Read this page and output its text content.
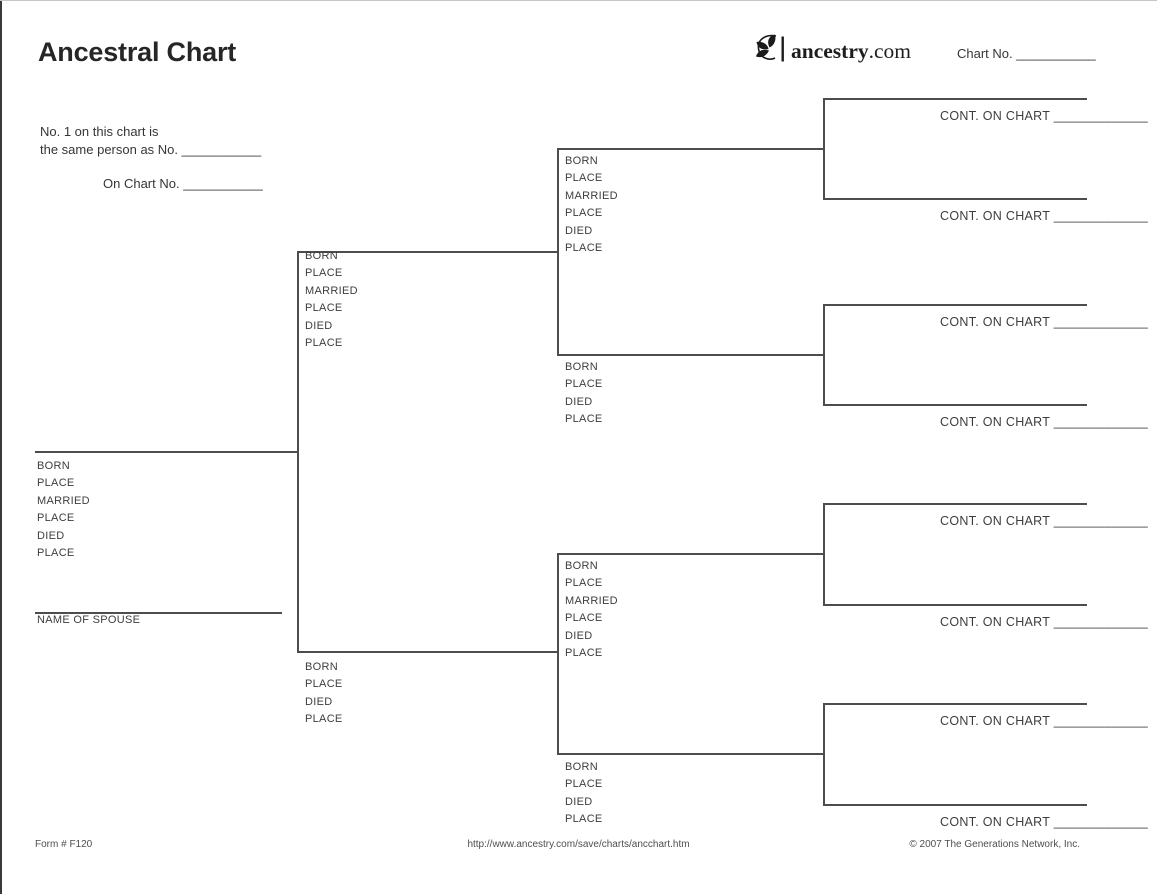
Ancestral Chart	ancestry.com	Chart No. ___________
No. 1 on this chart is
the same person as No. ___________
On Chart No. ___________
BORN
PLACE
MARRIED
PLACE
DIED
PLACE
NAME OF SPOUSE
BORN
PLACE
MARRIED
PLACE
DIED
PLACE
BORN
PLACE
DIED
PLACE
BORN
PLACE
MARRIED
PLACE
DIED
PLACE
BORN
PLACE
DIED
PLACE
BORN
PLACE
MARRIED
PLACE
DIED
PLACE
BORN
PLACE
DIED
PLACE
CONT. ON CHART _____________
CONT. ON CHART _____________
CONT. ON CHART _____________
CONT. ON CHART _____________
CONT. ON CHART _____________
CONT. ON CHART _____________
CONT. ON CHART _____________
CONT. ON CHART _____________
Form # F120	http://www.ancestry.com/save/charts/ancchart.htm	© 2007 The Generations Network, Inc.
